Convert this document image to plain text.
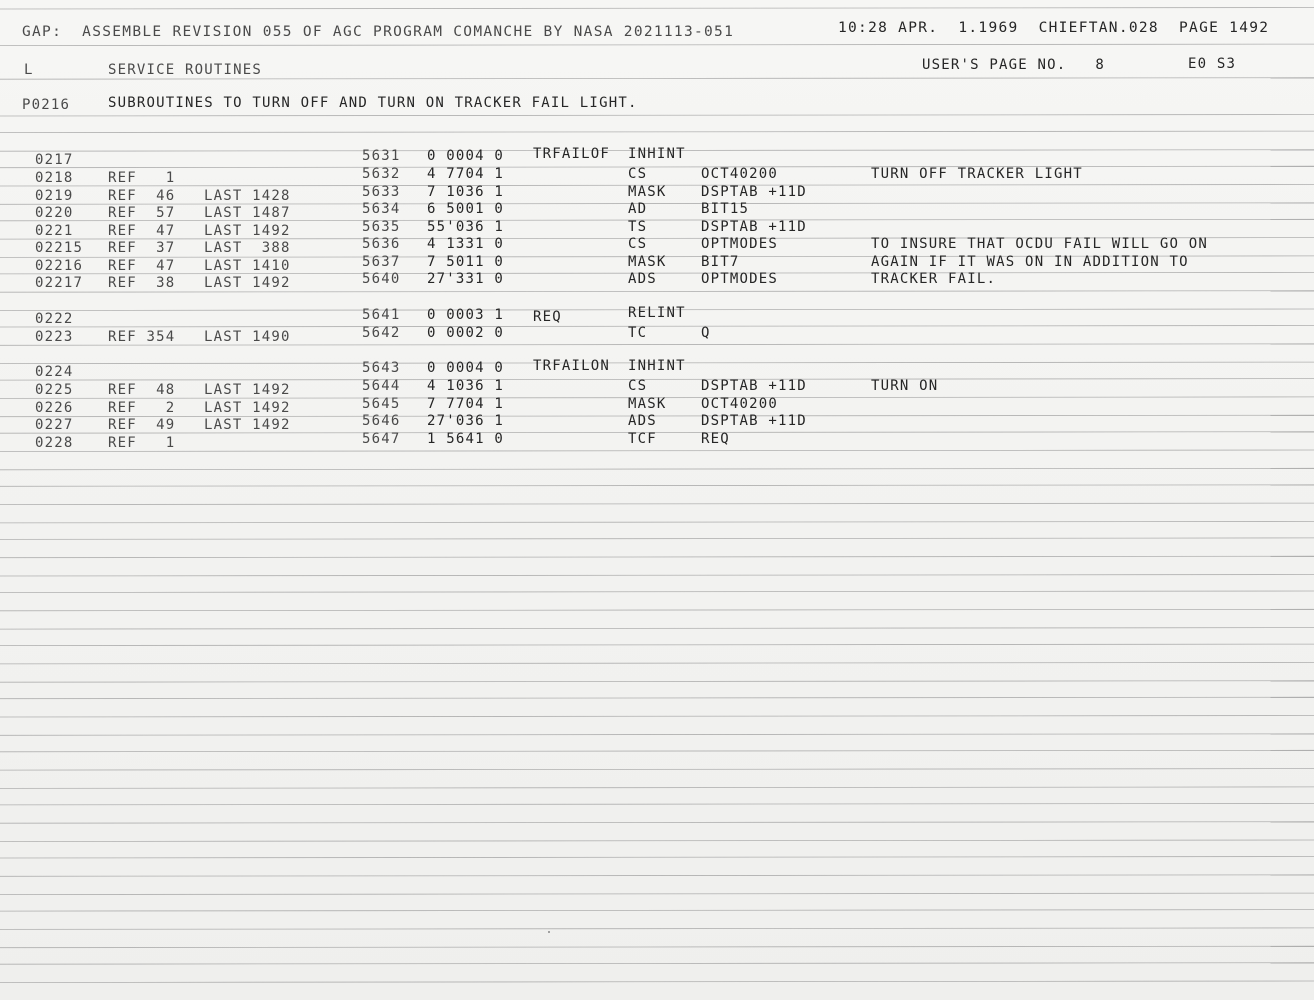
GAP:  ASSEMBLE REVISION 055 OF AGC PROGRAM COMANCHE BY NASA 2021113-051	10:28 APR.  1.1969  CHIEFTAN.028  PAGE 1492
L	SERVICE ROUTINES	USER'S PAGE NO.   8	E0 S3
P0216	SUBROUTINES TO TURN OFF AND TURN ON TRACKER FAIL LIGHT.
0217	5631 0 0004 0 TRFAILOF INHINT
0218 REF   1	5632 4 7704 1	CS	OCT40200	TURN OFF TRACKER LIGHT
0219 REF  46 LAST 1428	5633 7 1036 1	MASK DSPTAB +11D
0220 REF  57 LAST 1487	5634 6 5001 0	AD	BIT15
0221 REF  47 LAST 1492	5635 55'036 1	TS	DSPTAB +11D
02215 REF  37 LAST  388	5636 4 1331 0	CS	OPTMODES	TO INSURE THAT OCDU FAIL WILL GO ON
02216 REF  47 LAST 1410	5637 7 5011 0	MASK BIT7	AGAIN IF IT WAS ON IN ADDITION TO
02217 REF  38 LAST 1492	5640 27'331 0	ADS	OPTMODES	TRACKER FAIL.
0222	5641 0 0003 1 REQ	RELINT
0223 REF 354 LAST 1490	5642 0 0002 0	TC	Q
0224	5643 0 0004 0 TRFAILON INHINT
0225 REF  48 LAST 1492	5644 4 1036 1	CS	DSPTAB +11D	TURN ON
0226 REF   2 LAST 1492	5645 7 7704 1	MASK OCT40200
0227 REF  49 LAST 1492	5646 27'036 1	ADS	DSPTAB +11D
0228 REF   1	5647 1 5641 0	TCF	REQ
